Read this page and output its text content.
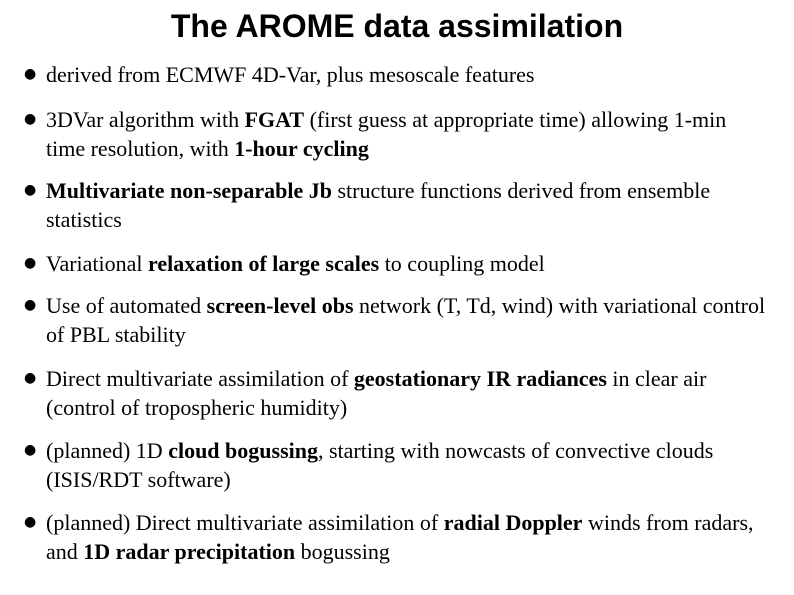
The AROME data assimilation
● derived from ECMWF 4D-Var, plus mesoscale features
● 3DVar algorithm with FGAT (first guess at appropriate time) allowing 1-min time resolution, with 1-hour cycling
● Multivariate non-separable Jb structure functions derived from ensemble statistics
● Variational relaxation of large scales to coupling model
● Use of automated screen-level obs network (T, Td, wind) with variational control of PBL stability
● Direct multivariate assimilation of geostationary IR radiances in clear air (control of tropospheric humidity)
● (planned) 1D cloud bogussing, starting with nowcasts of convective clouds (ISIS/RDT software)
● (planned) Direct multivariate assimilation of radial Doppler winds from radars, and 1D radar precipitation bogussing
